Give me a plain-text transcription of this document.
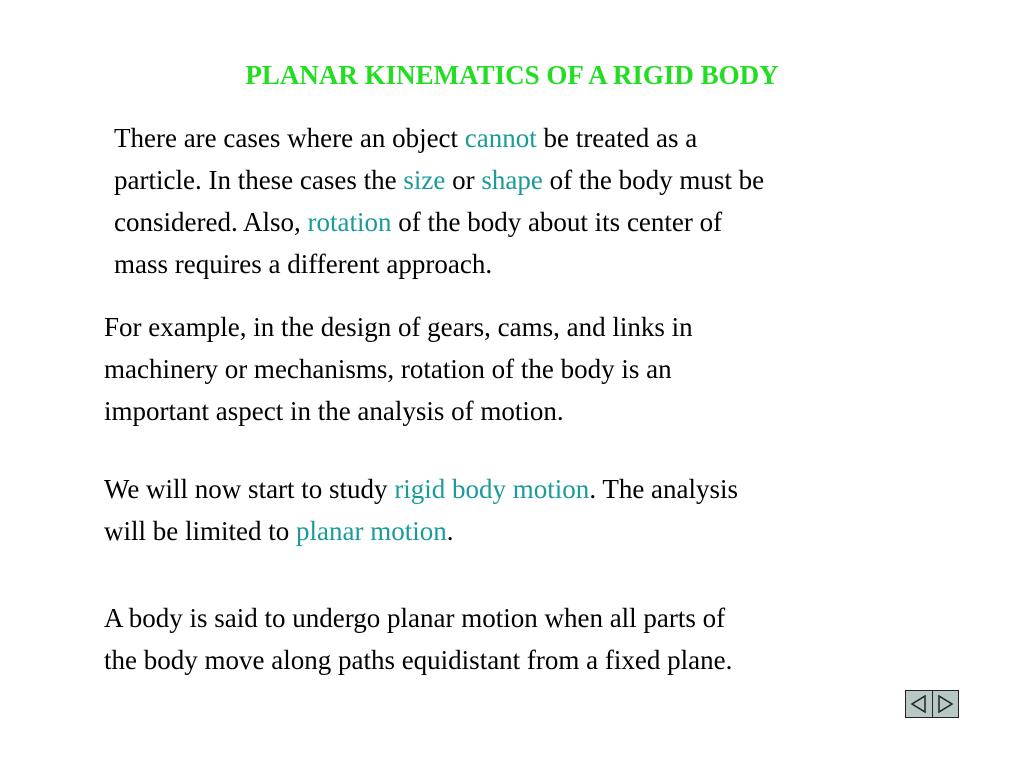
PLANAR KINEMATICS OF A RIGID BODY
There are cases where an object cannot be treated as a
particle. In these cases the size or shape of the body must be
considered. Also, rotation of the body about its center of
mass requires a different approach.
For example, in the design of gears, cams, and links in
machinery or mechanisms, rotation of the body is an
important aspect in the analysis of motion.
We will now start to study rigid body motion. The analysis
will be limited to planar motion.
A body is said to undergo planar motion when all parts of
the body move along paths equidistant from a fixed plane.
